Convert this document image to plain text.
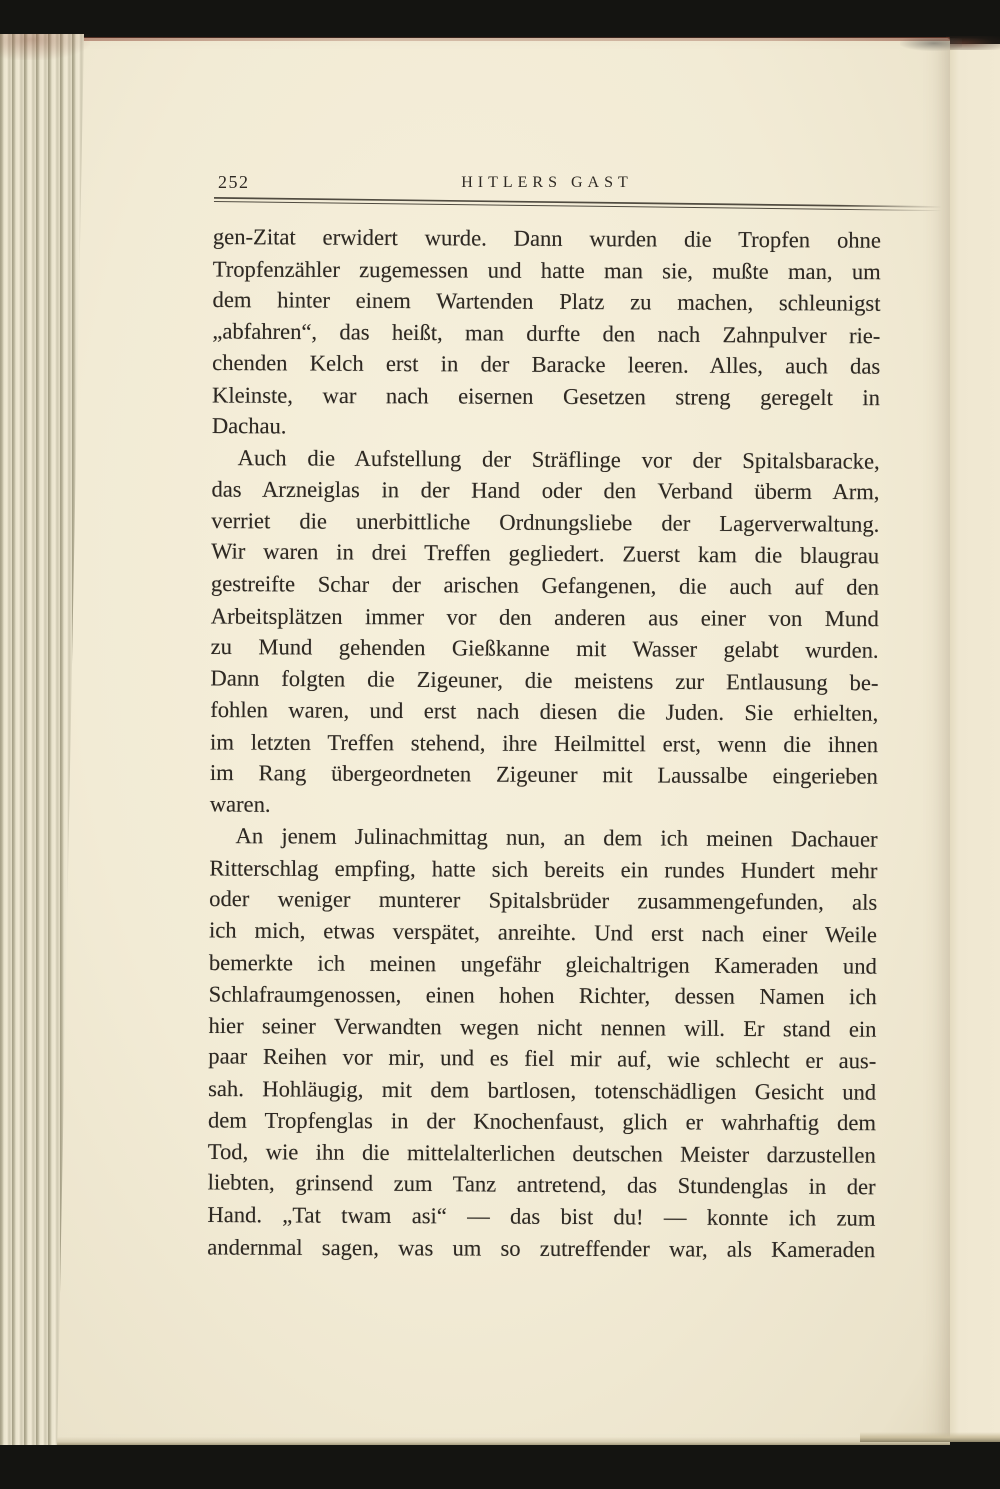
252	HITLERS GAST
gen-Zitat erwidert wurde. Dann wurden die Tropfen ohne
Tropfenzähler zugemessen und hatte man sie, mußte man, um
dem hinter einem Wartenden Platz zu machen, schleunigst
„abfahren“, das heißt, man durfte den nach Zahnpulver rie-
chenden Kelch erst in der Baracke leeren. Alles, auch das
Kleinste, war nach eisernen Gesetzen streng geregelt in
Dachau.
Auch die Aufstellung der Sträflinge vor der Spitalsbaracke,
das Arzneiglas in der Hand oder den Verband überm Arm,
verriet die unerbittliche Ordnungsliebe der Lagerverwaltung.
Wir waren in drei Treffen gegliedert. Zuerst kam die blaugrau
gestreifte Schar der arischen Gefangenen, die auch auf den
Arbeitsplätzen immer vor den anderen aus einer von Mund
zu Mund gehenden Gießkanne mit Wasser gelabt wurden.
Dann folgten die Zigeuner, die meistens zur Entlausung be-
fohlen waren, und erst nach diesen die Juden. Sie erhielten,
im letzten Treffen stehend, ihre Heilmittel erst, wenn die ihnen
im Rang übergeordneten Zigeuner mit Laussalbe eingerieben
waren.
An jenem Julinachmittag nun, an dem ich meinen Dachauer
Ritterschlag empfing, hatte sich bereits ein rundes Hundert mehr
oder weniger munterer Spitalsbrüder zusammengefunden, als
ich mich, etwas verspätet, anreihte. Und erst nach einer Weile
bemerkte ich meinen ungefähr gleichaltrigen Kameraden und
Schlafraumgenossen, einen hohen Richter, dessen Namen ich
hier seiner Verwandten wegen nicht nennen will. Er stand ein
paar Reihen vor mir, und es fiel mir auf, wie schlecht er aus-
sah. Hohläugig, mit dem bartlosen, totenschädligen Gesicht und
dem Tropfenglas in der Knochenfaust, glich er wahrhaftig dem
Tod, wie ihn die mittelalterlichen deutschen Meister darzustellen
liebten, grinsend zum Tanz antretend, das Stundenglas in der
Hand. „Tat twam asi“ — das bist du! — konnte ich zum
andernmal sagen, was um so zutreffender war, als Kameraden
